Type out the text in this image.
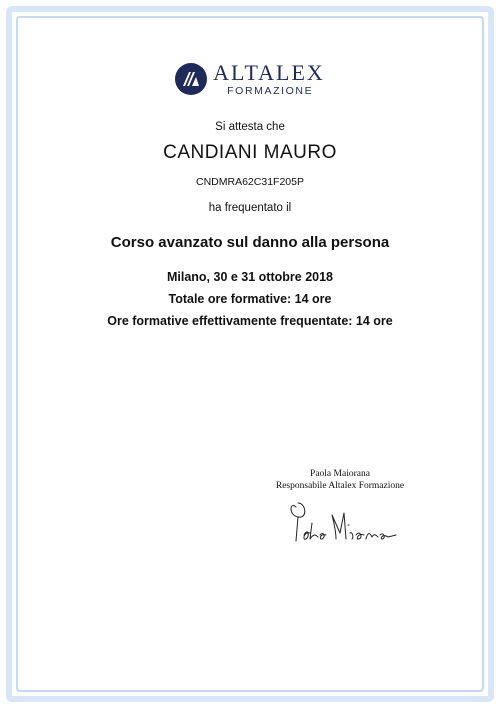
ALTALEX
FORMAZIONE
Si attesta che
CANDIANI MAURO
CNDMRA62C31F205P
ha frequentato il
Corso avanzato sul danno alla persona
Milano, 30 e 31 ottobre 2018
Totale ore formative: 14 ore
Ore formative effettivamente frequentate: 14 ore
Paola Maiorana
Responsabile Altalex Formazione
